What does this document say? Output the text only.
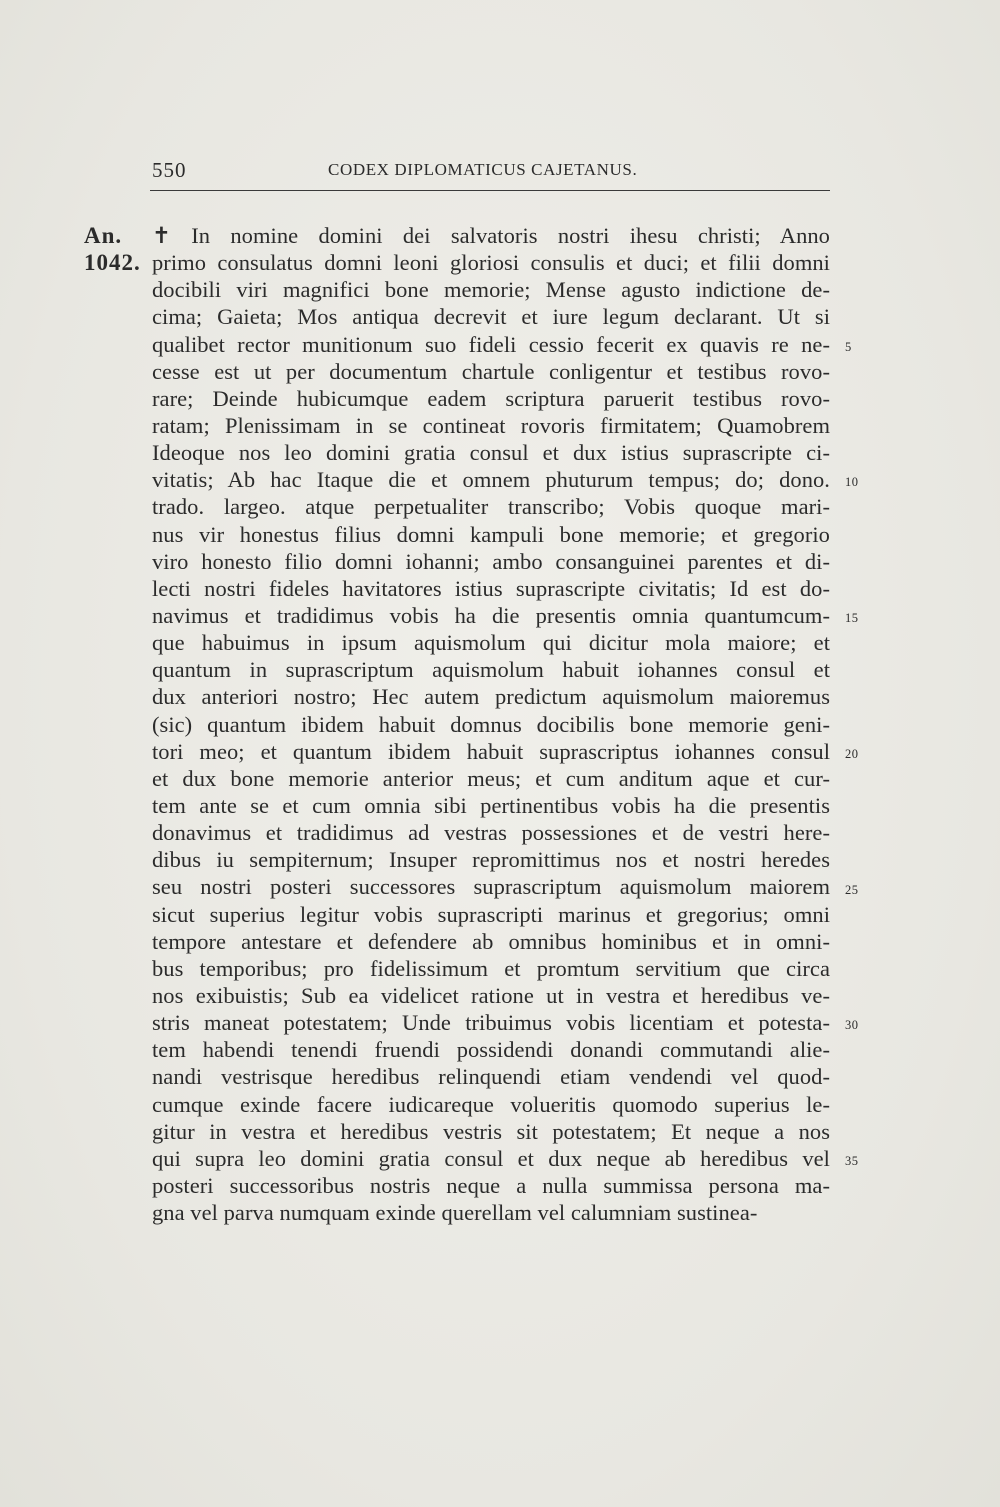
550	CODEX DIPLOMATICUS CAJETANUS.
An.
1042.
✝ In nomine domini dei salvatoris nostri ihesu christi; Anno
primo consulatus domni leoni gloriosi consulis et duci; et filii domni
docibili viri magnifici bone memorie; Mense agusto indictione de-
cima; Gaieta; Mos antiqua decrevit et iure legum declarant. Ut si
qualibet rector munitionum suo fideli cessio fecerit ex quavis re ne-
cesse est ut per documentum chartule conligentur et testibus rovo-
rare; Deinde hubicumque eadem scriptura paruerit testibus rovo-
ratam; Plenissimam in se contineat rovoris firmitatem; Quamobrem
Ideoque nos leo domini gratia consul et dux istius suprascripte ci-
vitatis; Ab hac Itaque die et omnem phuturum tempus; do; dono.
trado. largeo. atque perpetualiter transcribo; Vobis quoque mari-
nus vir honestus filius domni kampuli bone memorie; et gregorio
viro honesto filio domni iohanni; ambo consanguinei parentes et di-
lecti nostri fideles havitatores istius suprascripte civitatis; Id est do-
navimus et tradidimus vobis ha die presentis omnia quantumcum-
que habuimus in ipsum aquismolum qui dicitur mola maiore; et
quantum in suprascriptum aquismolum habuit iohannes consul et
dux anteriori nostro; Hec autem predictum aquismolum maioremus
(sic) quantum ibidem habuit domnus docibilis bone memorie geni-
tori meo; et quantum ibidem habuit suprascriptus iohannes consul
et dux bone memorie anterior meus; et cum anditum aque et cur-
tem ante se et cum omnia sibi pertinentibus vobis ha die presentis
donavimus et tradidimus ad vestras possessiones et de vestri here-
dibus iu sempiternum; Insuper repromittimus nos et nostri heredes
seu nostri posteri successores suprascriptum aquismolum maiorem
sicut superius legitur vobis suprascripti marinus et gregorius; omni
tempore antestare et defendere ab omnibus hominibus et in omni-
bus temporibus; pro fidelissimum et promtum servitium que circa
nos exibuistis; Sub ea videlicet ratione ut in vestra et heredibus ve-
stris maneat potestatem; Unde tribuimus vobis licentiam et potesta-
tem habendi tenendi fruendi possidendi donandi commutandi alie-
nandi vestrisque heredibus relinquendi etiam vendendi vel quod-
cumque exinde facere iudicareque volueritis quomodo superius le-
gitur in vestra et heredibus vestris sit potestatem; Et neque a nos
qui supra leo domini gratia consul et dux neque ab heredibus vel
posteri successoribus nostris neque a nulla summissa persona ma-
gna vel parva numquam exinde querellam vel calumniam sustinea-
5
10
15
20
25
30
35
